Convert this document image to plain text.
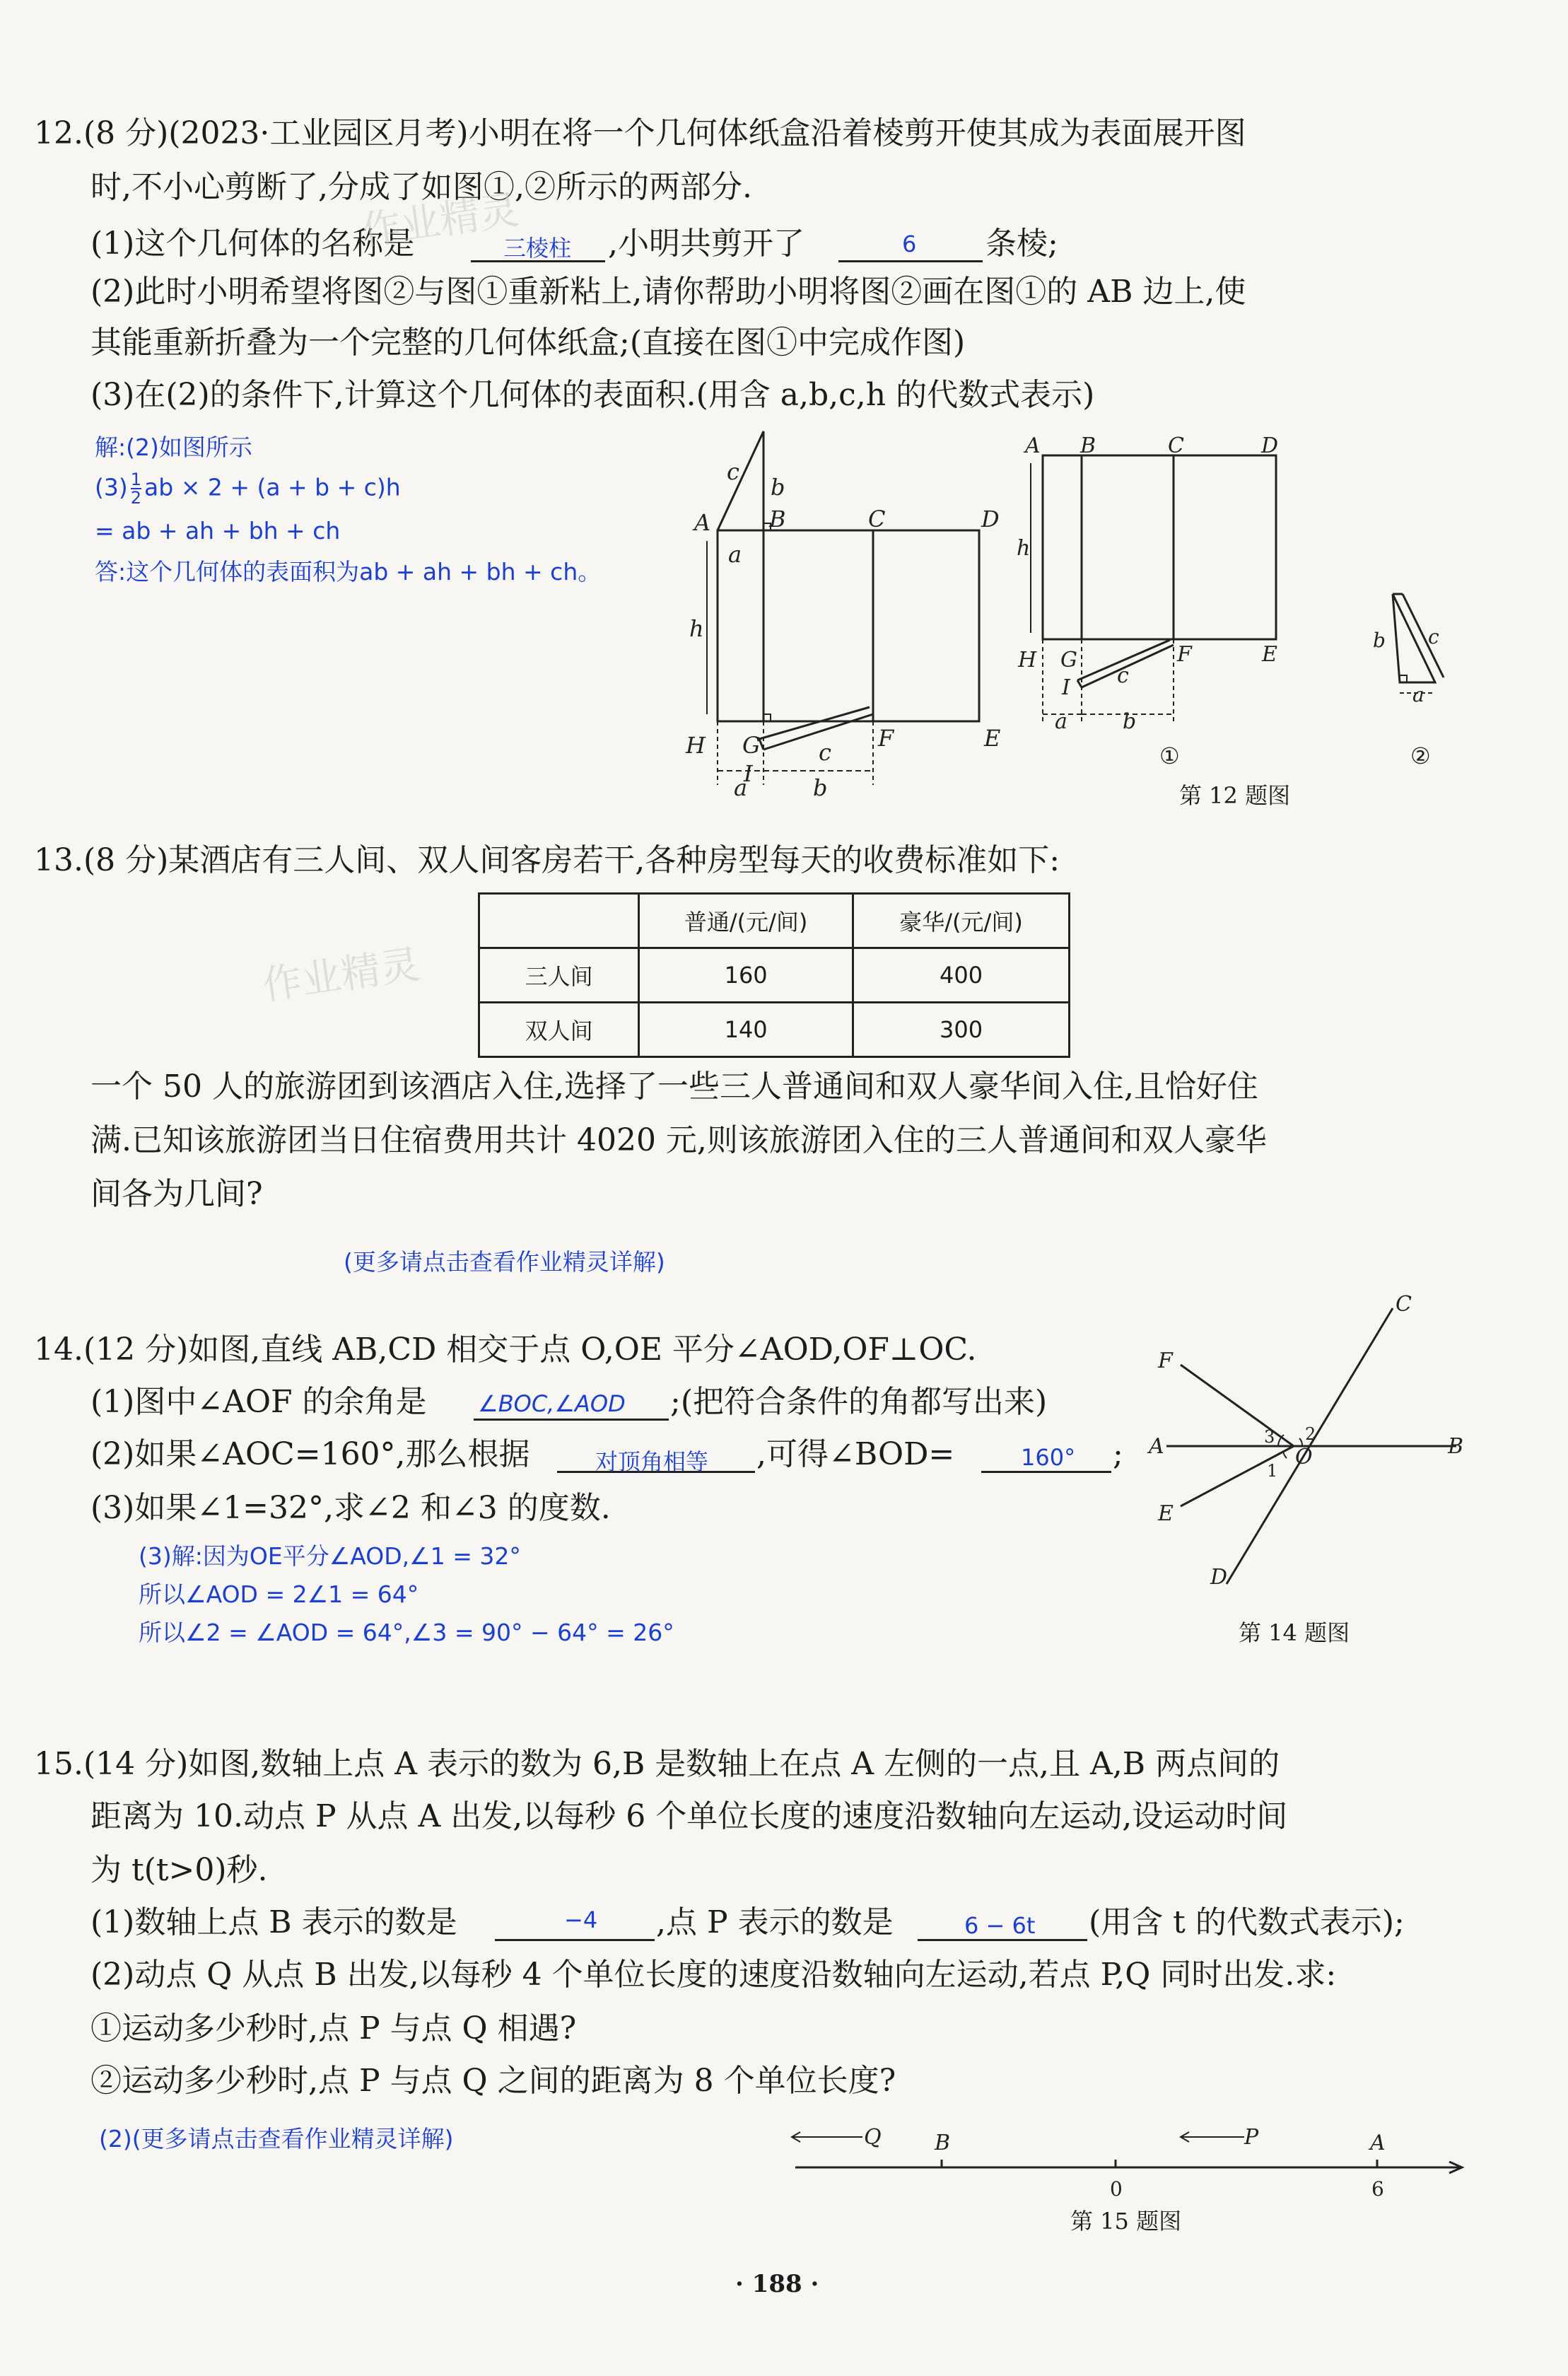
12.(8 分)(2023·工业园区月考)小明在将一个几何体纸盒沿着棱剪开使其成为表面展开图
时,不小心剪断了,分成了如图①,②所示的两部分.
(1)这个几何体的名称是	三棱柱 ,小明共剪开了	6 条棱;
(2)此时小明希望将图②与图①重新粘上,请你帮助小明将图②画在图①的 AB 边上,使
其能重新折叠为一个完整的几何体纸盒;(直接在图①中完成作图)
(3)在(2)的条件下,计算这个几何体的表面积.(用含 a,b,c,h 的代数式表示)
作业精灵
解:(2)如图所示
$(3) \frac{1}{2}$ ab × 2 + (a + b + c)h
= ab + ah + bh + ch
答:这个几何体的表面积为ab + ah + bh + ch。
A	B	C	D
H G	F	E
I
a
b
c
h
a	b
c
A B	C	D
H G	F	E
I
h
c
a	b
①
b c
a
②
第 12 题图
13.(8 分)某酒店有三人间、双人间客房若干,各种房型每天的收费标准如下:
	普通/(元/间)	豪华/(元/间)
三人间	160	400
双人间	140	300
作业精灵
一个 50 人的旅游团到该酒店入住,选择了一些三人普通间和双人豪华间入住,且恰好住
满.已知该旅游团当日住宿费用共计 4020 元,则该旅游团入住的三人普通间和双人豪华
间各为几间?
(更多请点击查看作业精灵详解)
14.(12 分)如图,直线 AB,CD 相交于点 O,OE 平分∠AOD,OF⊥OC.
(1)图中∠AOF 的余角是 ∠BOC,∠AOD ;(把符合条件的角都写出来)
(2)如果∠AOC=160°,那么根据	对顶角相等 ,可得∠BOD=	160° ;
(3)如果∠1=32°,求∠2 和∠3 的度数.
(3)解:因为OE平分∠AOD,∠1 = 32°
所以∠AOD = 2∠1 = 64°
所以∠2 = ∠AOD = 64°,∠3 = 90° − 64° = 26°
C
F
A	B
E
D
O
3 2
1
第 14 题图
15.(14 分)如图,数轴上点 A 表示的数为 6,B 是数轴上在点 A 左侧的一点,且 A,B 两点间的
距离为 10.动点 P 从点 A 出发,以每秒 6 个单位长度的速度沿数轴向左运动,设运动时间
为 t(t>0)秒.
(1)数轴上点 B 表示的数是	−4 ,点 P 表示的数是	6 − 6t (用含 t 的代数式表示);
(2)动点 Q 从点 B 出发,以每秒 4 个单位长度的速度沿数轴向左运动,若点 P,Q 同时出发.求:
①运动多少秒时,点 P 与点 Q 相遇?
②运动多少秒时,点 P 与点 Q 之间的距离为 8 个单位长度?
(2)(更多请点击查看作业精灵详解)	Q	B	P	A
0	6
第 15 题图
· 188 ·
